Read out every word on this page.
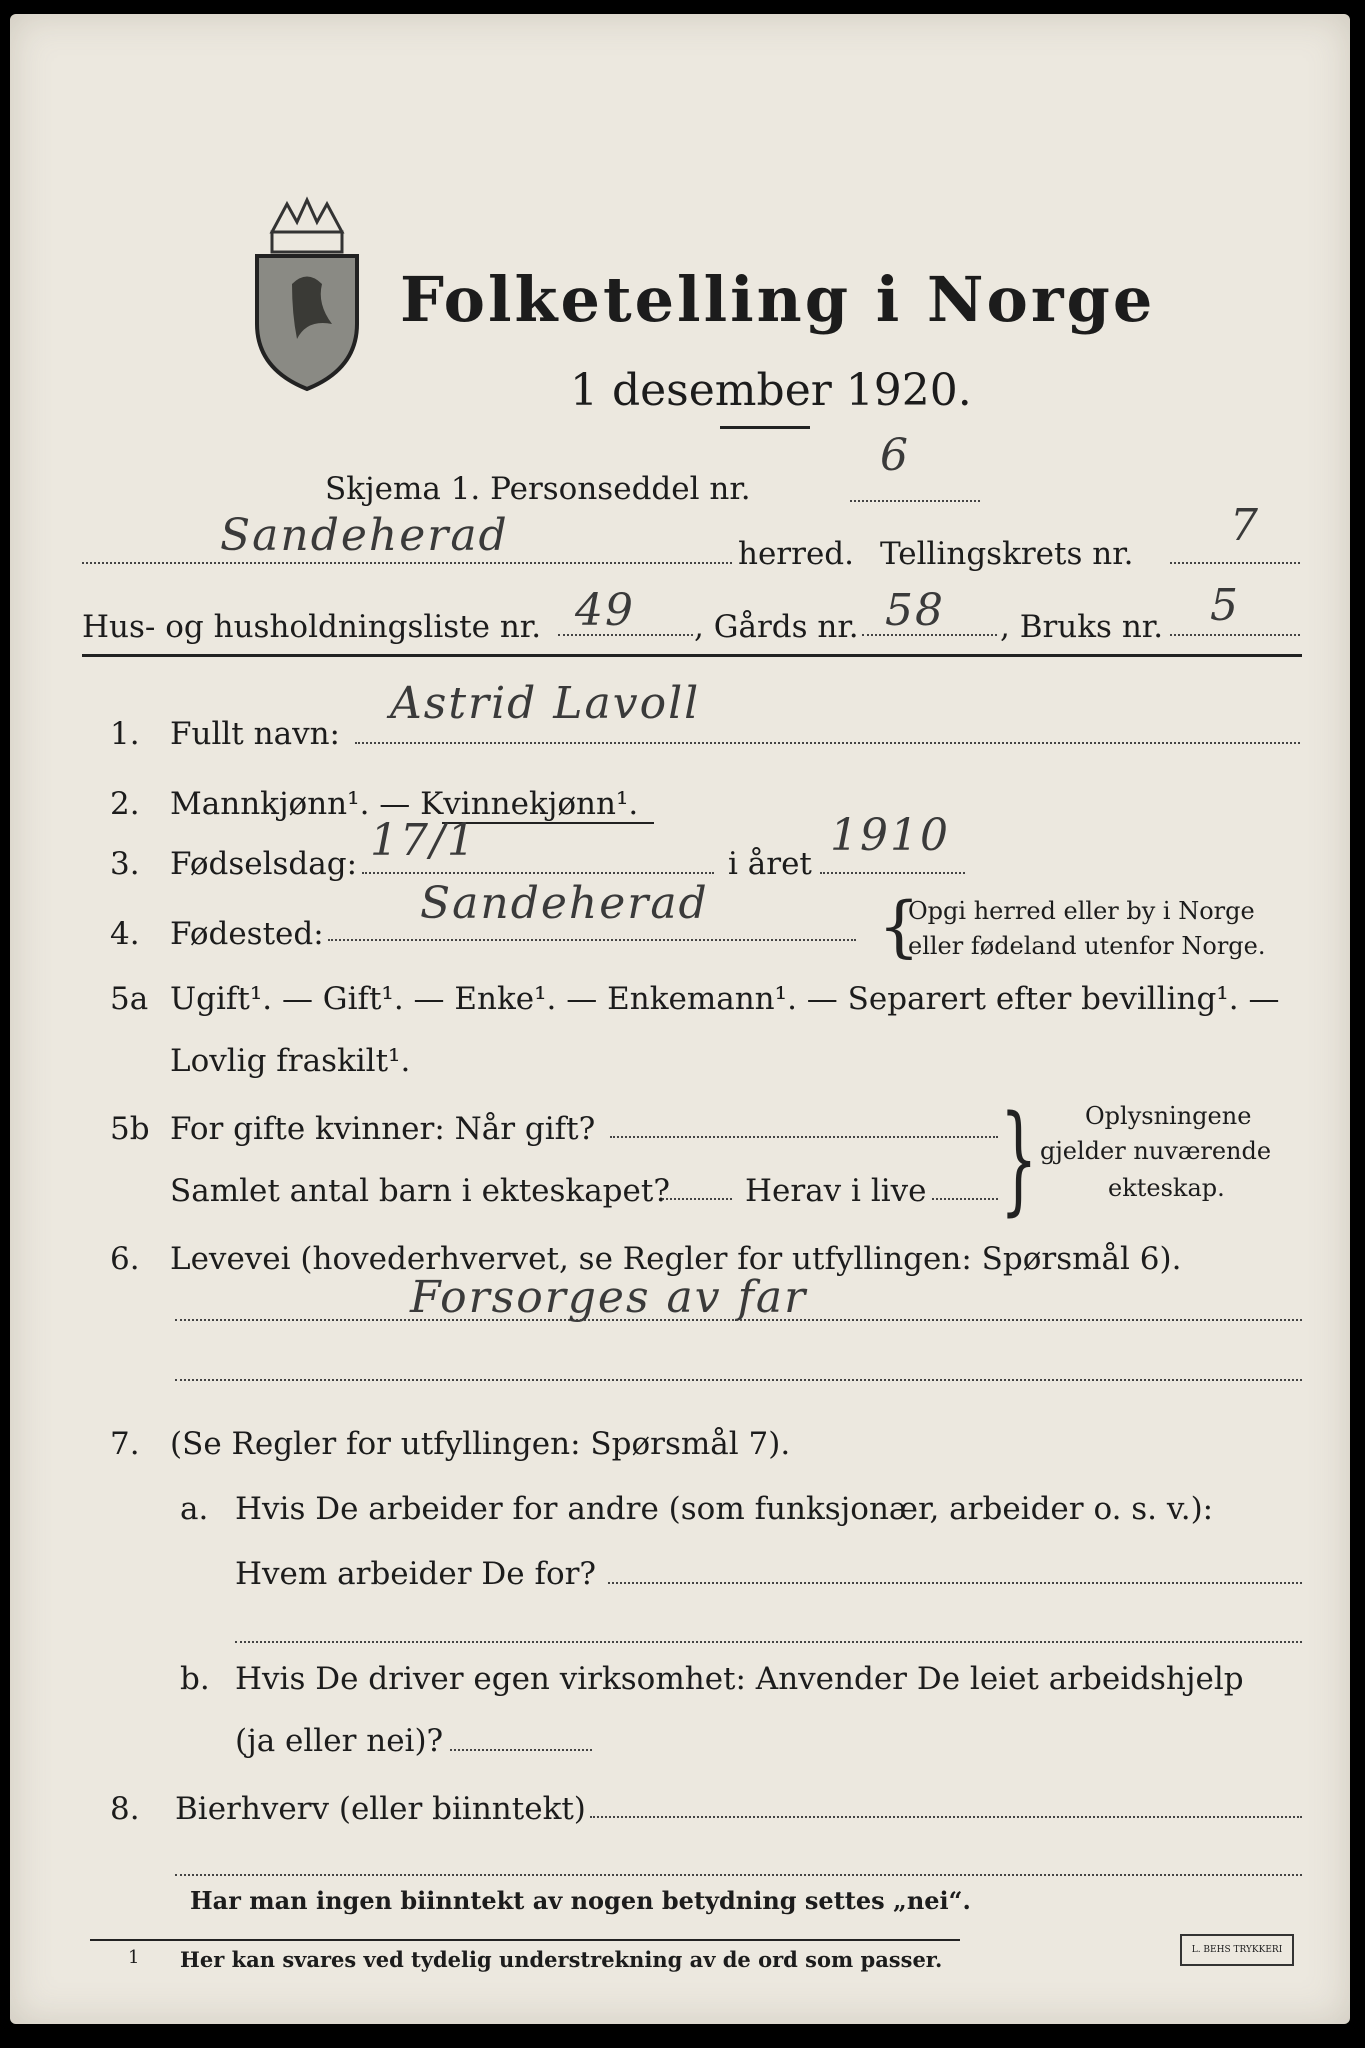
Folketelling i Norge
1 desember 1920.
Skjema 1. Personseddel nr.
6
Sandeherad	herred. Tellingskrets nr.
7
Hus- og husholdningsliste nr. 49 , Gårds nr. 58 , Bruks nr. 5
1. Fullt navn:
Astrid Lavoll
2. Mannkjønn¹. — Kvinnekjønn¹.
3. Fødselsdag: 17/1	i året
1910
4. Fødested:
Sandeherad	{
Opgi herred eller by i Norge
eller fødeland utenfor Norge.
5a Ugift¹. — Gift¹. — Enke¹. — Enkemann¹. — Separert efter bevilling¹. —
Lovlig fraskilt¹.
5b For gifte kvinner: Når gift?
Samlet antal barn i ekteskapet? Herav i live } Oplysningene
gjelder nuværende
ekteskap.
6. Levevei (hovederhvervet, se Regler for utfyllingen: Spørsmål 6).
Forsorges av far
7. (Se Regler for utfyllingen: Spørsmål 7).
a. Hvis De arbeider for andre (som funksjonær, arbeider o. s. v.):
Hvem arbeider De for?
b. Hvis De driver egen virksomhet: Anvender De leiet arbeidshjelp
(ja eller nei)?
8. Bierhverv (eller biinntekt)
Har man ingen biinntekt av nogen betydning settes „nei“.
1 Her kan svares ved tydelig understrekning av de ord som passer.	L. BEHS TRYKKERI
